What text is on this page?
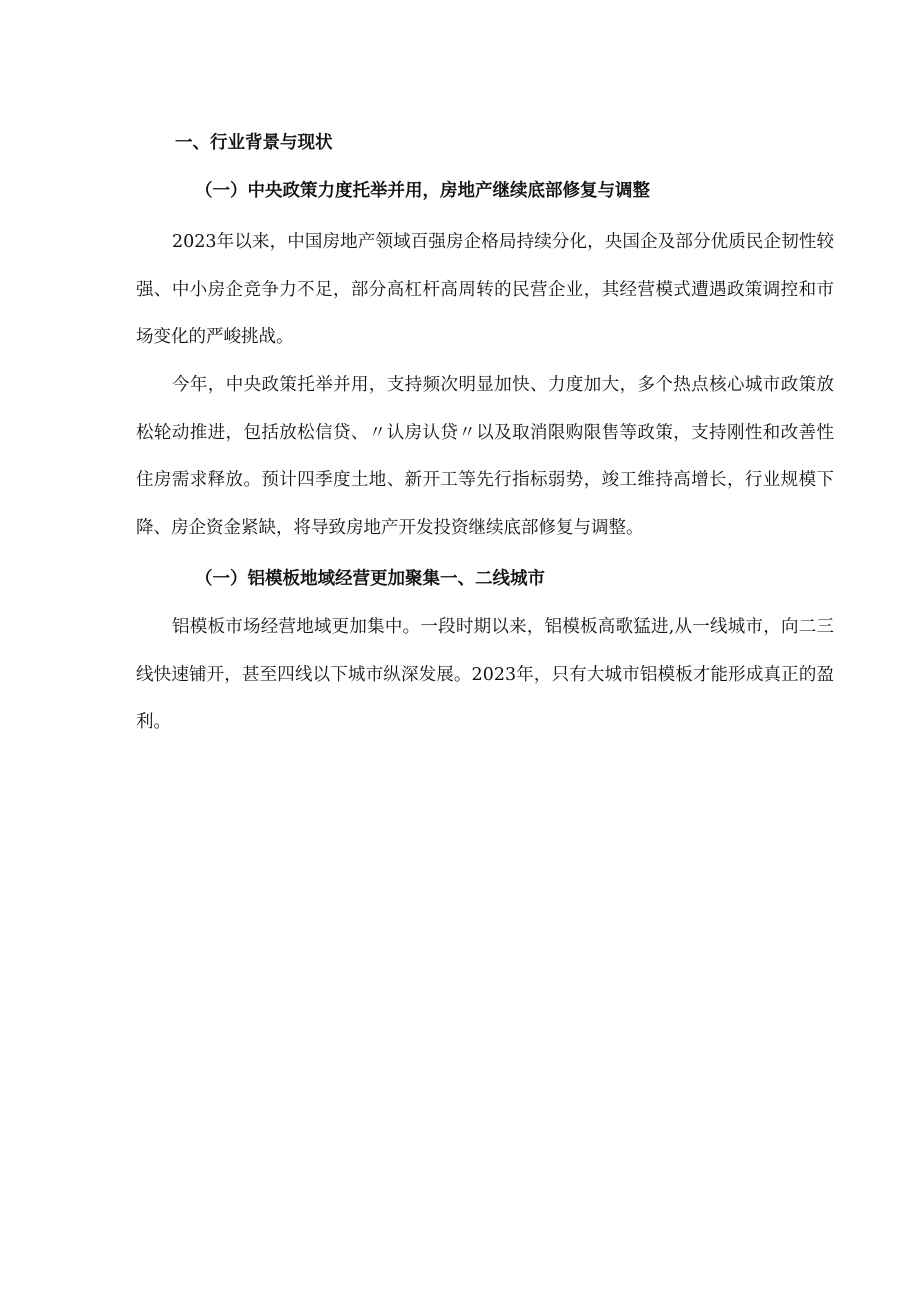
一、行业背景与现状
（一）中央政策力度托举并用，房地产继续底部修复与调整

2023年以来，中国房地产领域百强房企格局持续分化，央国企及部分优质民企韧性较强、中小房企竞争力不足，部分高杠杆高周转的民营企业，其经营模式遭遇政策调控和市场变化的严峻挑战。

今年，中央政策托举并用，支持频次明显加快、力度加大，多个热点核心城市政策放松轮动推进，包括放松信贷、〃认房认贷〃以及取消限购限售等政策，支持刚性和改善性住房需求释放。预计四季度土地、新开工等先行指标弱势，竣工维持高增长，行业规模下降、房企资金紧缺，将导致房地产开发投资继续底部修复与调整。

（一）铝模板地域经营更加聚集一、二线城市

铝模板市场经营地域更加集中。一段时期以来，铝模板高歌猛进,从一线城市，向二三线快速铺开，甚至四线以下城市纵深发展。2023年，只有大城市铝模板才能形成真正的盈利。
